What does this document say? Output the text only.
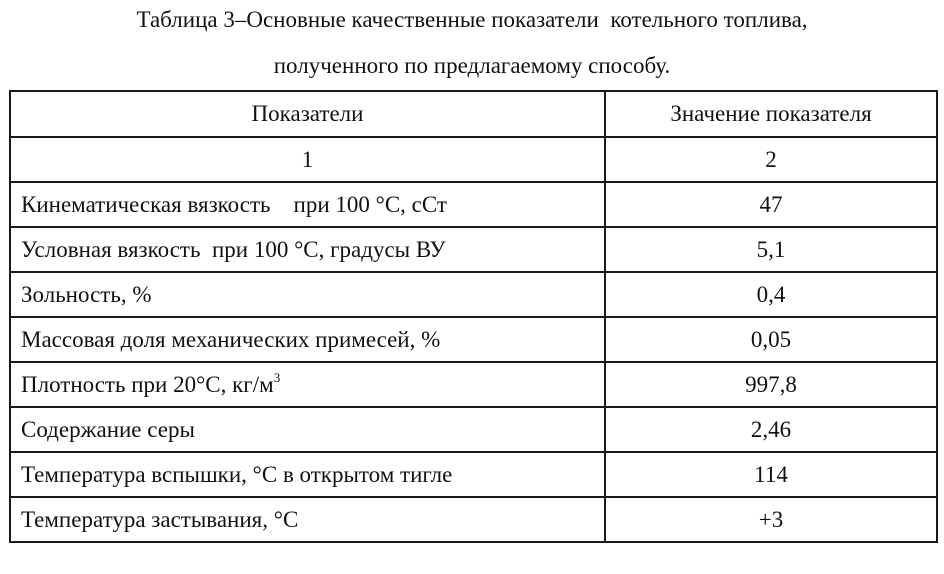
Таблица 3–Основные качественные показатели  котельного топлива,
полученного по предлагаемому способу.
Показатели	Значение показателя
1	2
Кинематическая вязкость    при 100 °С, сСт	47
Условная вязкость  при 100 °С, градусы ВУ	5,1
Зольность, %	0,4
Массовая доля механических примесей, %	0,05
Плотность при 20°С, $кг/м^3$	997,8
Содержание серы	2,46
Температура вспышки, °С в открытом тигле	114
Температура застывания, °С	+3
